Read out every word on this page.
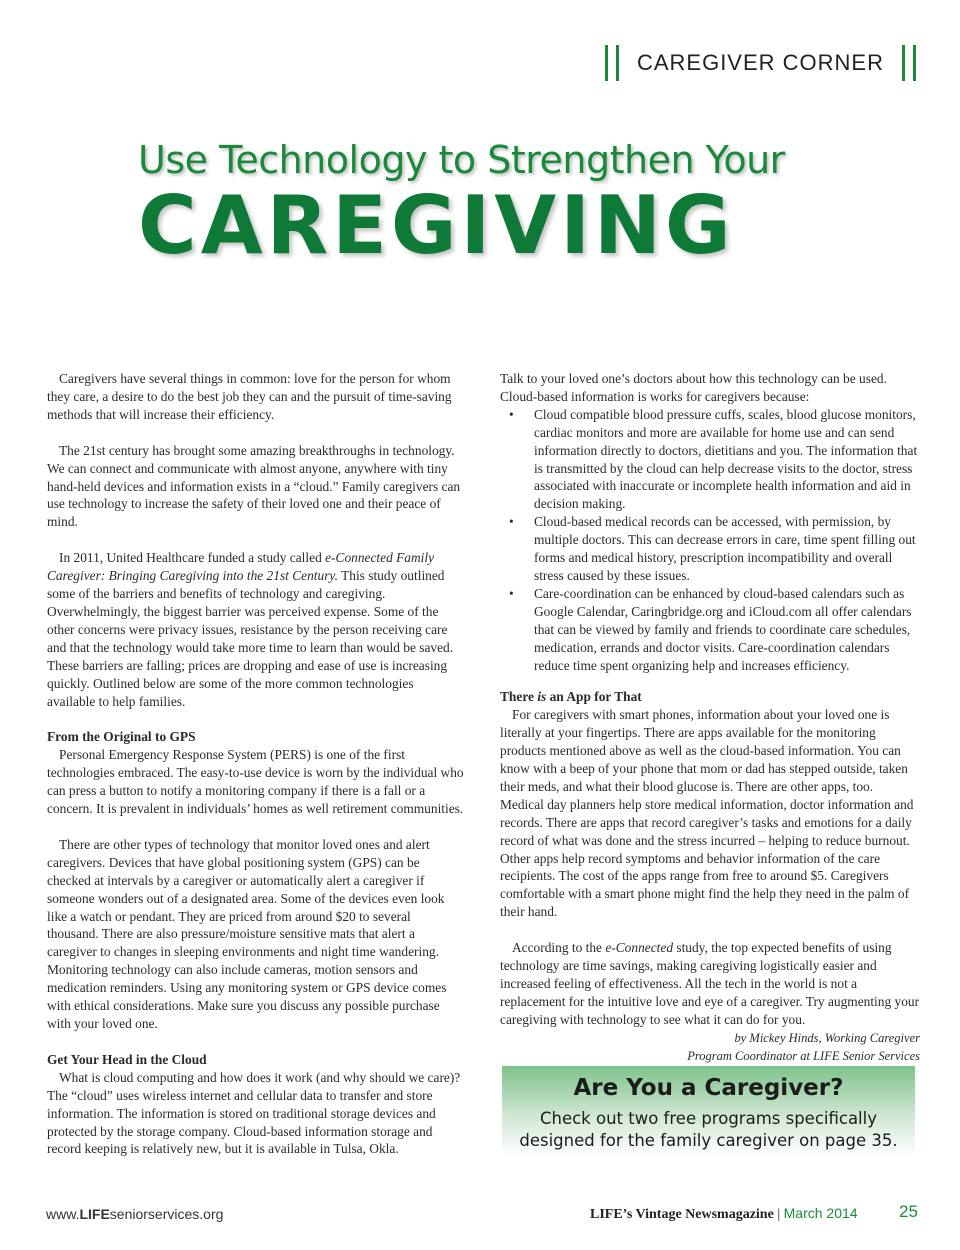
CAREGIVER CORNER
Use Technology to Strengthen Your
CAREGIVING

Caregivers have several things in common: love for the person for whom they care, a desire to do the best job they can and the pursuit of time-saving methods that will increase their efficiency.

The 21st century has brought some amazing breakthroughs in technology. We can connect and communicate with almost anyone, anywhere with tiny hand-held devices and information exists in a “cloud.” Family caregivers can use technology to increase the safety of their loved one and their peace of mind.

In 2011, United Healthcare funded a study called e-Connected Family Caregiver: Bringing Caregiving into the 21st Century. This study outlined some of the barriers and benefits of technology and caregiving. Overwhelmingly, the biggest barrier was perceived expense. Some of the other concerns were privacy issues, resistance by the person receiving care and that the technology would take more time to learn than would be saved. These barriers are falling; prices are dropping and ease of use is increasing quickly. Outlined below are some of the more common technologies available to help families.

From the Original to GPS

Personal Emergency Response System (PERS) is one of the first technologies embraced. The easy-to-use device is worn by the individual who can press a button to notify a monitoring company if there is a fall or a concern. It is prevalent in individuals’ homes as well retirement communities.

There are other types of technology that monitor loved ones and alert caregivers. Devices that have global positioning system (GPS) can be checked at intervals by a caregiver or automatically alert a caregiver if someone wonders out of a designated area. Some of the devices even look like a watch or pendant. They are priced from around $20 to several thousand. There are also pressure/moisture sensitive mats that alert a caregiver to changes in sleeping environments and night time wandering. Monitoring technology can also include cameras, motion sensors and medication reminders. Using any monitoring system or GPS device comes with ethical considerations. Make sure you discuss any possible purchase with your loved one.

Get Your Head in the Cloud

What is cloud computing and how does it work (and why should we care)? The “cloud” uses wireless internet and cellular data to transfer and store information. The information is stored on traditional storage devices and protected by the storage company. Cloud-based information storage and record keeping is relatively new, but it is available in Tulsa, Okla.

Talk to your loved one’s doctors about how this technology can be used. Cloud-based information is works for caregivers because:

• Cloud compatible blood pressure cuffs, scales, blood glucose monitors, cardiac monitors and more are available for home use and can send information directly to doctors, dietitians and you. The information that is transmitted by the cloud can help decrease visits to the doctor, stress associated with inaccurate or incomplete health information and aid in decision making.
• Cloud-based medical records can be accessed, with permission, by multiple doctors. This can decrease errors in care, time spent filling out forms and medical history, prescription incompatibility and overall stress caused by these issues.
• Care-coordination can be enhanced by cloud-based calendars such as Google Calendar, Caringbridge.org and iCloud.com all offer calendars that can be viewed by family and friends to coordinate care schedules, medication, errands and doctor visits. Care-coordination calendars reduce time spent organizing help and increases efficiency.

There is an App for That

For caregivers with smart phones, information about your loved one is literally at your fingertips. There are apps available for the monitoring products mentioned above as well as the cloud-based information. You can know with a beep of your phone that mom or dad has stepped outside, taken their meds, and what their blood glucose is. There are other apps, too. Medical day planners help store medical information, doctor information and records. There are apps that record caregiver’s tasks and emotions for a daily record of what was done and the stress incurred – helping to reduce burnout. Other apps help record symptoms and behavior information of the care recipients. The cost of the apps range from free to around $5. Caregivers comfortable with a smart phone might find the help they need in the palm of their hand.

According to the e-Connected study, the top expected benefits of using technology are time savings, making caregiving logistically easier and increased feeling of effectiveness. All the tech in the world is not a replacement for the intuitive love and eye of a caregiver. Try augmenting your caregiving with technology to see what it can do for you.

by Mickey Hinds, Working Caregiver
Program Coordinator at LIFE Senior Services
Are You a Caregiver?
Check out two free programs specifically
designed for the family caregiver on page 35.
www.LIFEseniorservices.org	LIFE’s Vintage Newsmagazine | March 2014 25
